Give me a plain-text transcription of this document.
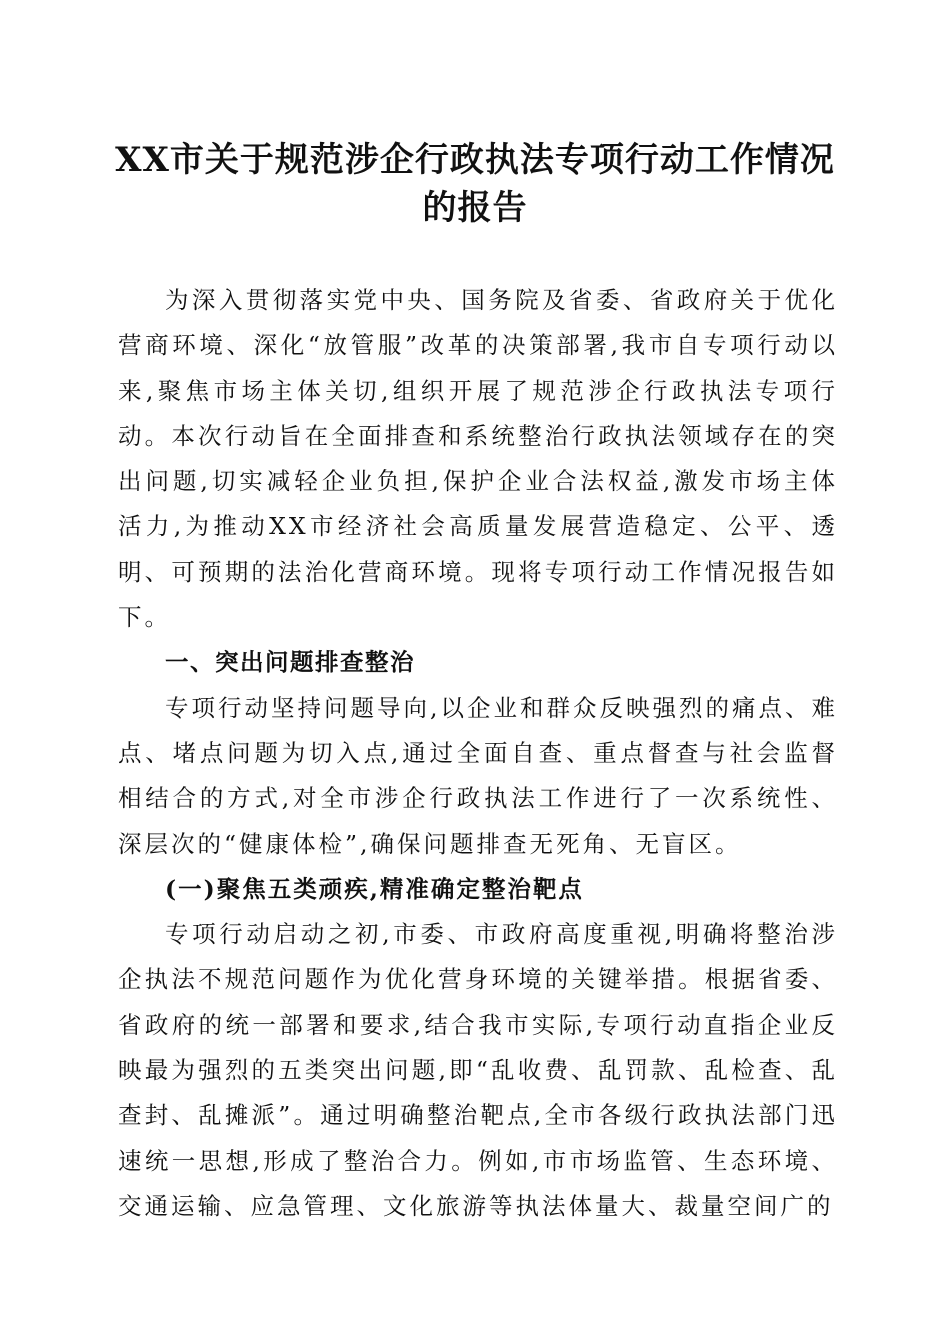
XX市关于规范涉企行政执法专项行动工作情况的报告

为深入贯彻落实党中央、国务院及省委、省政府关于优化营商环境、深化“放管服”改革的决策部署,我市自专项行动以来,聚焦市场主体关切,组织开展了规范涉企行政执法专项行动。本次行动旨在全面排查和系统整治行政执法领域存在的突出问题,切实减轻企业负担,保护企业合法权益,激发市场主体活力,为推动XX市经济社会高质量发展营造稳定、公平、透明、可预期的法治化营商环境。现将专项行动工作情况报告如下。

一、突出问题排查整治

专项行动坚持问题导向,以企业和群众反映强烈的痛点、难点、堵点问题为切入点,通过全面自查、重点督查与社会监督相结合的方式,对全市涉企行政执法工作进行了一次系统性、深层次的“健康体检”,确保问题排查无死角、无盲区。

(一)聚焦五类顽疾,精准确定整治靶点

专项行动启动之初,市委、市政府高度重视,明确将整治涉企执法不规范问题作为优化营身环境的关键举措。根据省委、省政府的统一部署和要求,结合我市实际,专项行动直指企业反映最为强烈的五类突出问题,即“乱收费、乱罚款、乱检查、乱查封、乱摊派”。通过明确整治靶点,全市各级行政执法部门迅速统一思想,形成了整治合力。例如,市市场监管、生态环境、交通运输、应急管理、文化旅游等执法体量大、裁量空间广的
